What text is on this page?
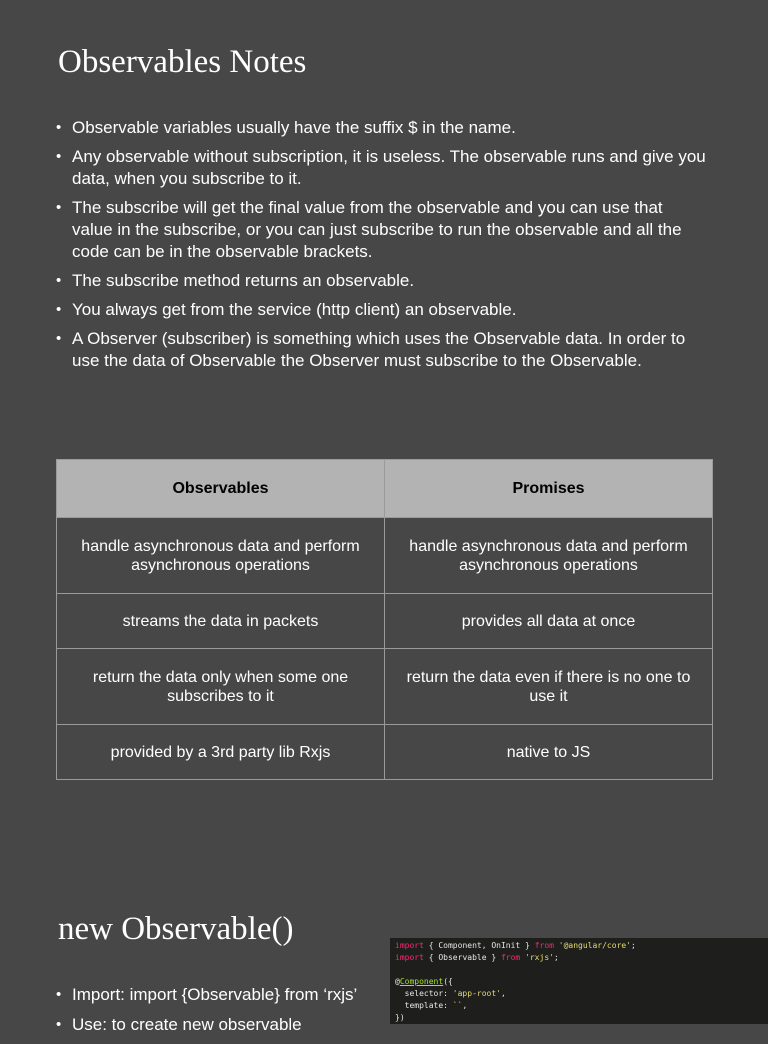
Observables Notes
• Observable variables usually have the suffix $ in the name.
• Any observable without subscription, it is useless. The observable runs and give you data, when you subscribe to it.
• The subscribe will get the final value from the observable and you can use that value in the subscribe, or you can just subscribe to run the observable and all the code can be in the observable brackets.
• The subscribe method returns an observable.
• You always get from the service (http client) an observable.
• A Observer (subscriber) is something which uses the Observable data. In order to use the data of Observable the Observer must subscribe to the Observable.
Observables	Promises
handle asynchronous data and perform asynchronous operations	handle asynchronous data and perform asynchronous operations
streams the data in packets	provides all data at once
return the data only when some one subscribes to it	return the data even if there is no one to use it
provided by a 3rd party lib Rxjs	native to JS
new Observable()
• Import: import {Observable} from ‘rxjs’
• Use: to create new observable
import { Component, OnInit } from '@angular/core';
import { Observable } from 'rxjs';

@Component({
selector: 'app-root',
template: ``,
})
